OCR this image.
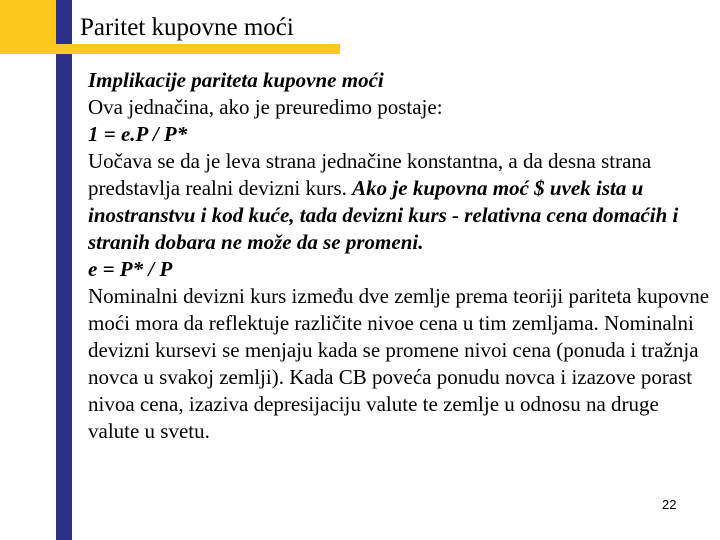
Paritet kupovne moći

Implikacije pariteta kupovne moći

Ova jednačina, ako je preuredimo postaje:

1 = e.P / P*

Uočava se da je leva strana jednačine konstantna, a da desna strana predstavlja realni devizni kurs. Ako je kupovna moć $ uvek ista u inostranstvu i kod kuće, tada devizni kurs - relativna cena domaćih i stranih dobara ne može da se promeni.

e = P* / P

Nominalni devizni kurs između dve zemlje prema teoriji pariteta kupovne moći mora da reflektuje različite nivoe cena u tim zemljama. Nominalni devizni kursevi se menjaju kada se promene nivoi cena (ponuda i tražnja novca u svakoj zemlji). Kada CB poveća ponudu novca i izazove porast nivoa cena, izaziva depresijaciju valute te zemlje u odnosu na druge valute u svetu.

22
